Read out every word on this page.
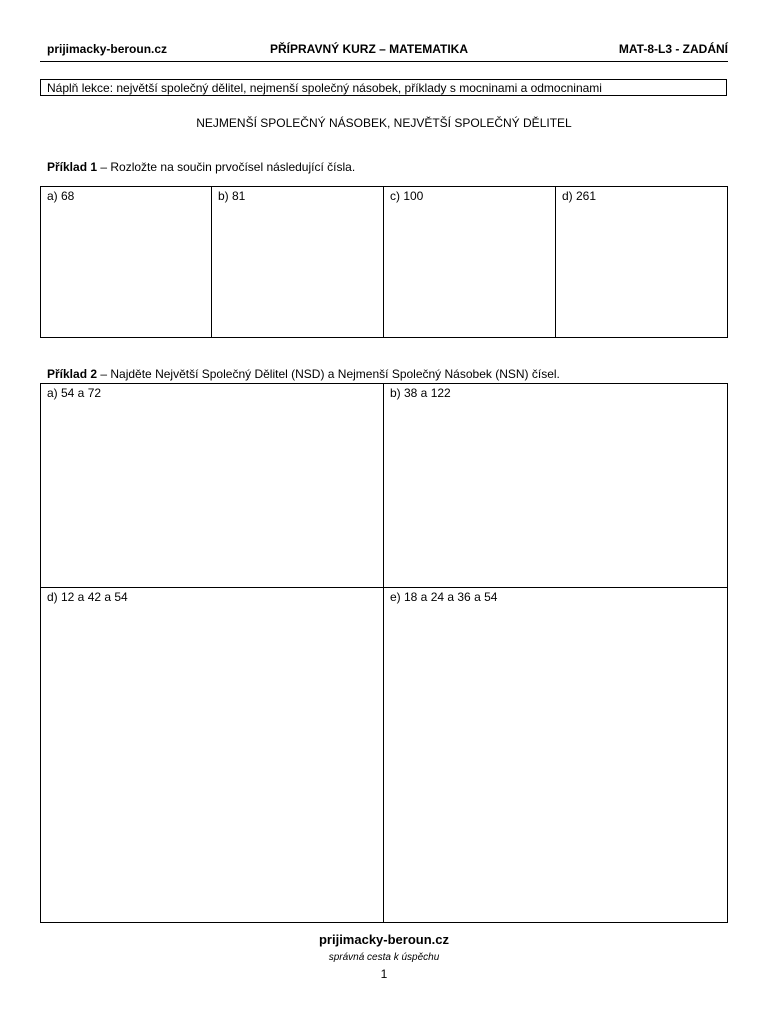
prijimacky-beroun.cz	PŘÍPRAVNÝ KURZ – MATEMATIKA	MAT-8-L3 - ZADÁNÍ
Náplň lekce: největší společný dělitel, nejmenší společný násobek, příklady s mocninami a odmocninami
NEJMENŠÍ SPOLEČNÝ NÁSOBEK, NEJVĚTŠÍ SPOLEČNÝ DĚLITEL
Příklad 1 – Rozložte na součin prvočísel následující čísla.
a) 68	b) 81	c) 100	d) 261
Příklad 2 – Najděte Největší Společný Dělitel (NSD) a Nejmenší Společný Násobek (NSN) čísel.
a) 54 a 72	b) 38 a 122
d) 12 a 42 a 54	e) 18 a 24 a 36 a 54
prijimacky-beroun.cz
správná cesta k úspěchu
1
